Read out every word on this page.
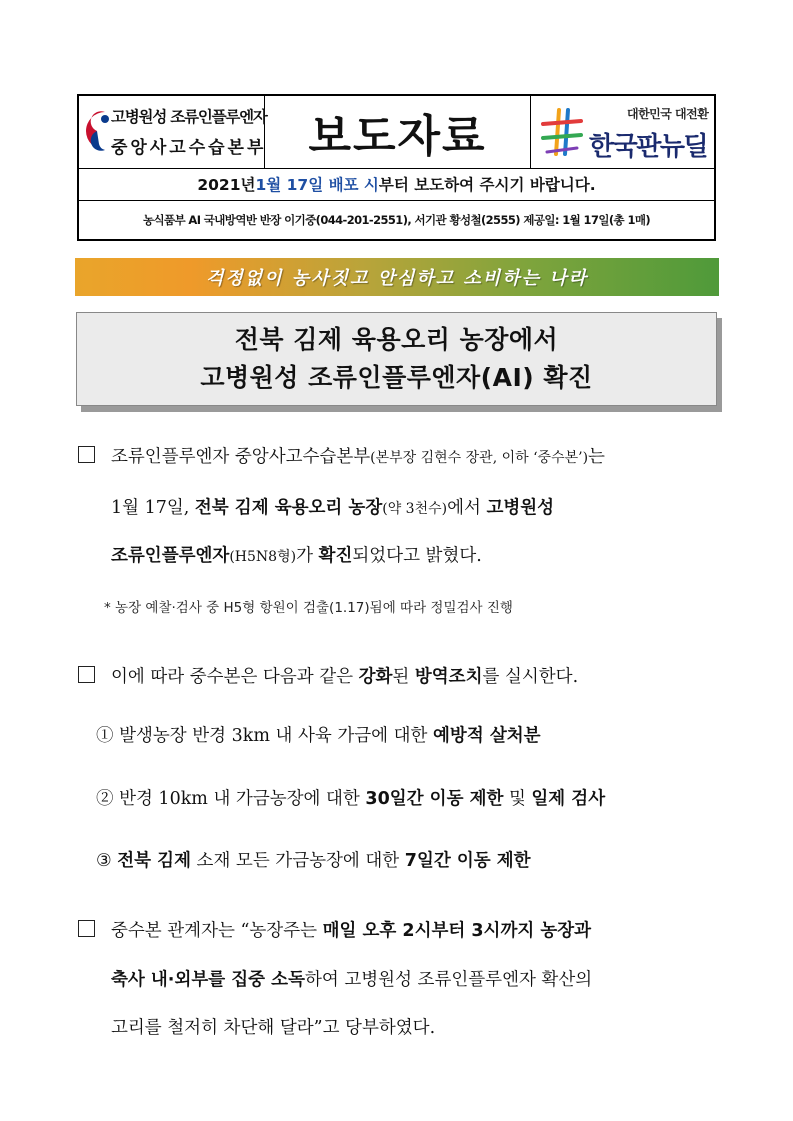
고병원성 조류인플루엔자
중앙사고수습본부 보도자료	대한민국 대전환
한국판뉴딜
2021년 1월 17일 배포 시 부터 보도하여 주시기 바랍니다.
농식품부 AI 국내방역반 반장 이기중(044-201-2551), 서기관 황성철(2555) 제공일: 1월 17일(총 1매)
걱정없이 농사짓고 안심하고 소비하는 나라
전북 김제 육용오리 농장에서
고병원성 조류인플루엔자(AI) 확진
조류인플루엔자 중앙사고수습본부(본부장 김현수 장관, 이하 ‘중수본’)는
1월 17일, 전북 김제 육용오리 농장(약 3천수)에서 고병원성
조류인플루엔자(H5N8형)가 확진되었다고 밝혔다.
* 농장 예찰·검사 중 H5형 항원이 검출(1.17)됨에 따라 정밀검사 진행
이에 따라 중수본은 다음과 같은 강화된 방역조치를 실시한다.
① 발생농장 반경 3km 내 사육 가금에 대한 예방적 살처분
② 반경 10km 내 가금농장에 대한 30일간 이동 제한 및 일제 검사
③ 전북 김제 소재 모든 가금농장에 대한 7일간 이동 제한
중수본 관계자는 “농장주는 매일 오후 2시부터 3시까지 농장과
축사 내·외부를 집중 소독하여 고병원성 조류인플루엔자 확산의
고리를 철저히 차단해 달라”고 당부하였다.
